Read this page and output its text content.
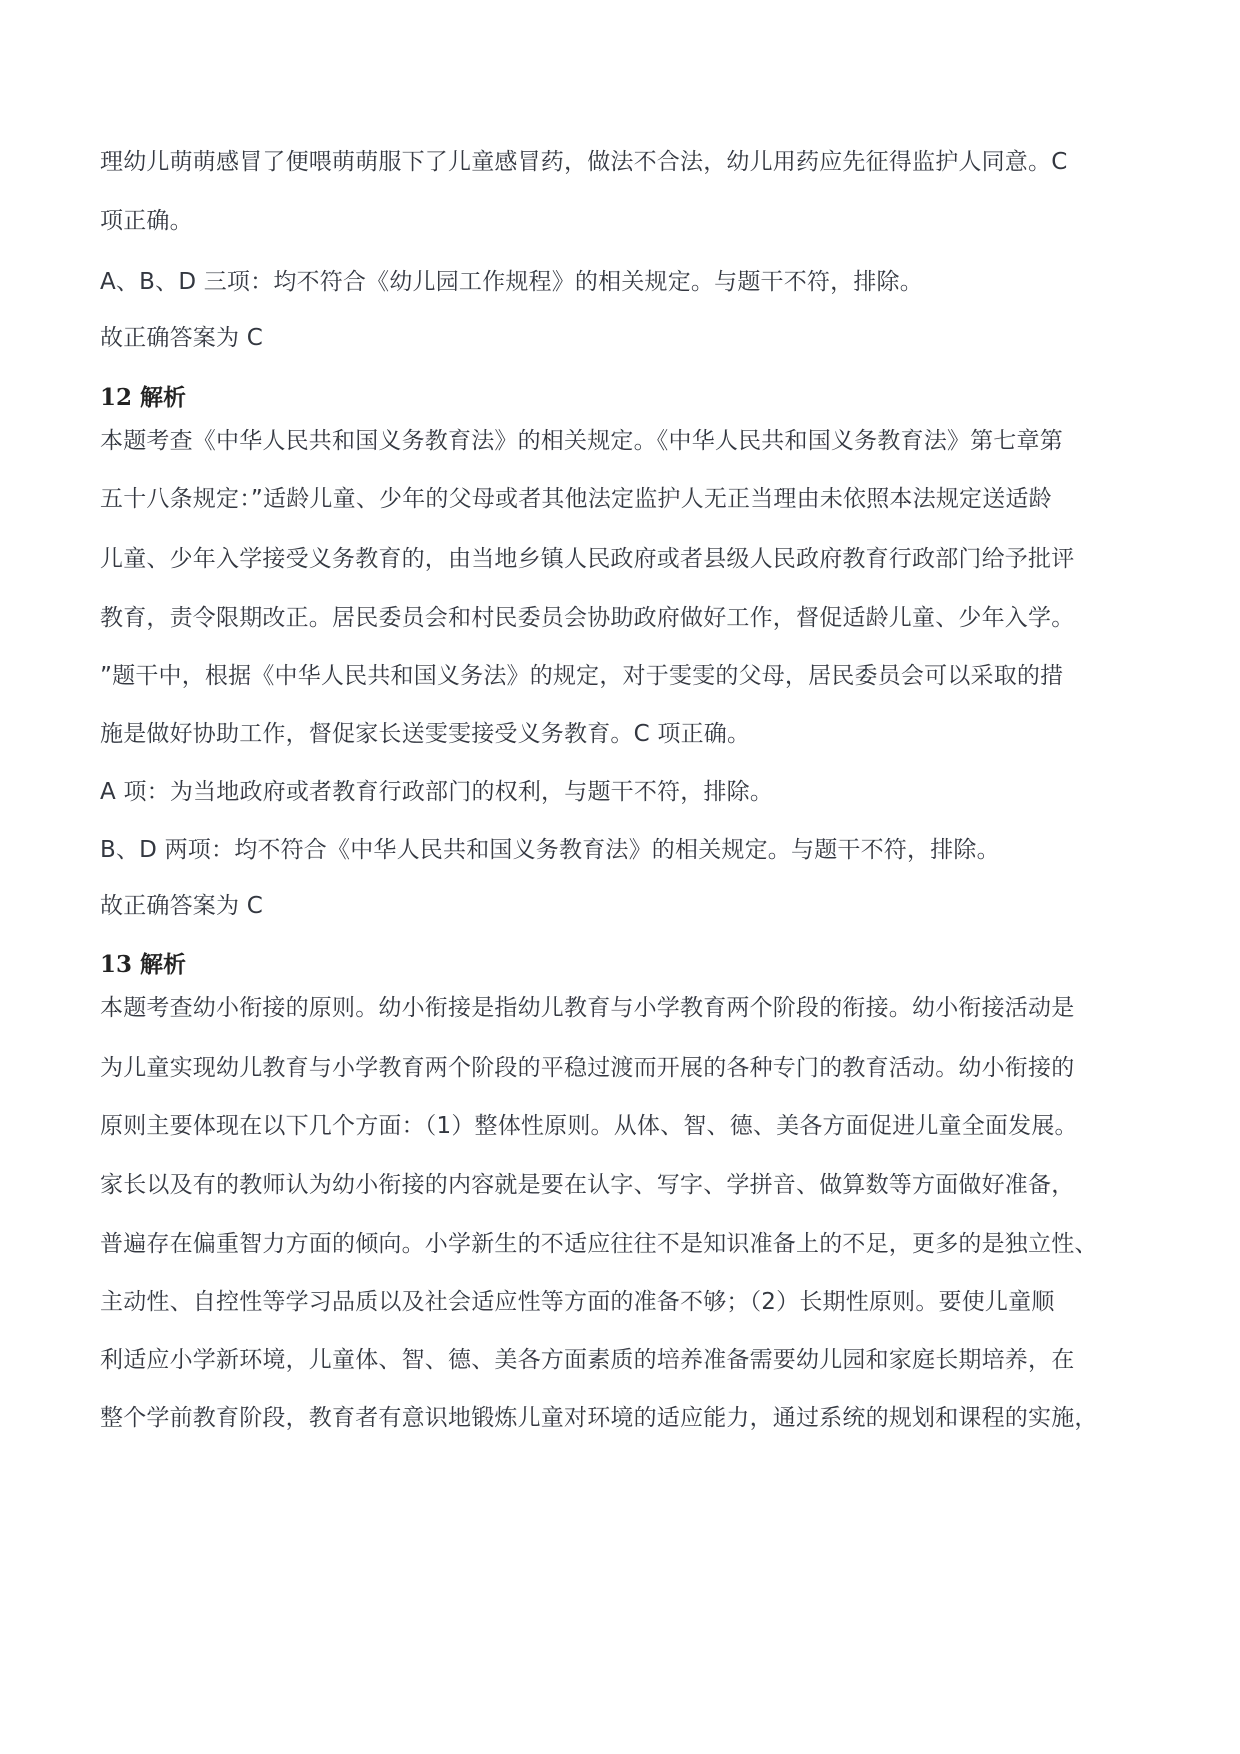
理幼儿萌萌感冒了便喂萌萌服下了儿童感冒药，做法不合法，幼儿用药应先征得监护人同意。C
项正确。
A、B、D 三项：均不符合《幼儿园工作规程》的相关规定。与题干不符，排除。
故正确答案为 C
12 解析
本题考查《中华人民共和国义务教育法》的相关规定。《中华人民共和国义务教育法》第七章第
五十八条规定：”适龄儿童、少年的父母或者其他法定监护人无正当理由未依照本法规定送适龄
儿童、少年入学接受义务教育的，由当地乡镇人民政府或者县级人民政府教育行政部门给予批评
教育，责令限期改正。居民委员会和村民委员会协助政府做好工作，督促适龄儿童、少年入学。
”题干中，根据《中华人民共和国义务法》的规定，对于雯雯的父母，居民委员会可以采取的措
施是做好协助工作，督促家长送雯雯接受义务教育。C 项正确。
A 项：为当地政府或者教育行政部门的权利，与题干不符，排除。
B、D 两项：均不符合《中华人民共和国义务教育法》的相关规定。与题干不符，排除。
故正确答案为 C
13 解析
本题考查幼小衔接的原则。幼小衔接是指幼儿教育与小学教育两个阶段的衔接。幼小衔接活动是
为儿童实现幼儿教育与小学教育两个阶段的平稳过渡而开展的各种专门的教育活动。幼小衔接的
原则主要体现在以下几个方面：（1）整体性原则。从体、智、德、美各方面促进儿童全面发展。
家长以及有的教师认为幼小衔接的内容就是要在认字、写字、学拼音、做算数等方面做好准备，
普遍存在偏重智力方面的倾向。小学新生的不适应往往不是知识准备上的不足，更多的是独立性、
主动性、自控性等学习品质以及社会适应性等方面的准备不够；（2）长期性原则。要使儿童顺
利适应小学新环境，儿童体、智、德、美各方面素质的培养准备需要幼儿园和家庭长期培养，在
整个学前教育阶段，教育者有意识地锻炼儿童对环境的适应能力，通过系统的规划和课程的实施，
